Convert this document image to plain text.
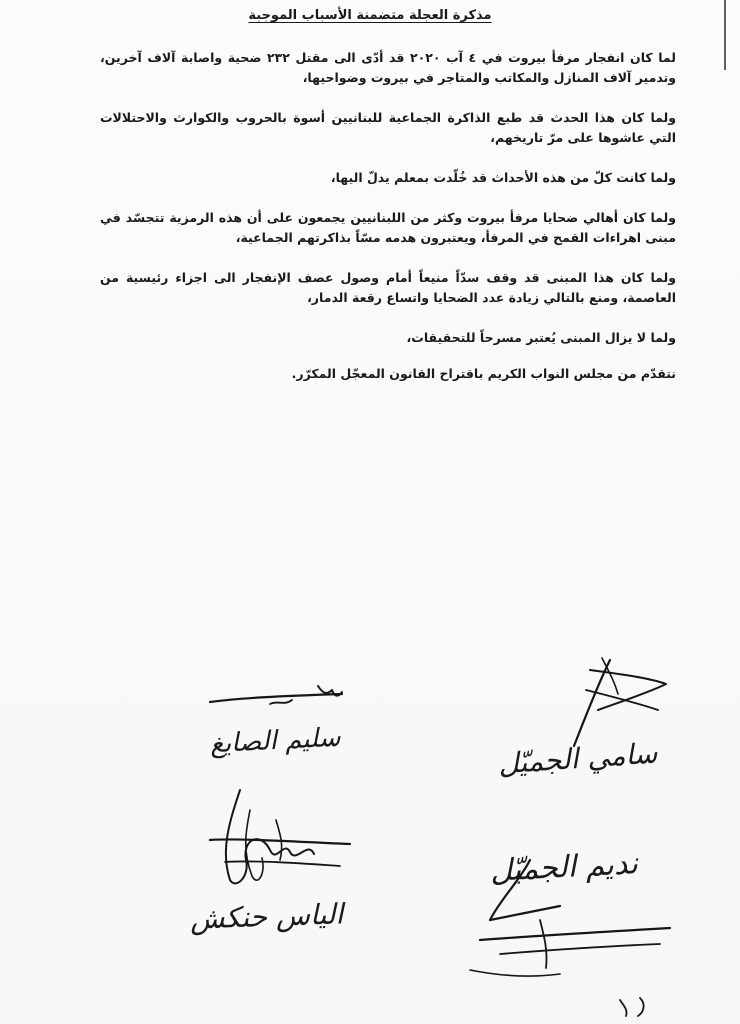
مذكرة العجلة متضمنة الأسباب الموجبة

لما كان انفجار مرفأ بيروت في ٤ آب ٢٠٢٠ قد أدّى الى مقتل ٢٣٢ ضحية واصابة آلاف آخرين، وتدمير آلاف المنازل والمكاتب والمتاجر في بيروت وضواحيها،

ولما كان هذا الحدث قد طبع الذاكرة الجماعية للبنانيين أسوة بالحروب والكوارث والاحتلالات التي عاشوها على مرّ تاريخهم،

ولما كانت كلّ من هذه الأحداث قد خُلّدت بمعلم يدلّ اليها،

ولما كان أهالي ضحايا مرفأ بيروت وكثر من اللبنانيين يجمعون على أن هذه الرمزية تتجسّد في مبنى اهراءات القمح في المرفأ، ويعتبرون هدمه مسّاً بذاكرتهم الجماعية،

ولما كان هذا المبنى قد وقف سدّاً منيعاً أمام وصول عصف الإنفجار الى اجزاء رئيسية من العاصمة، ومنع بالتالي زيادة عدد الضحايا واتساع رقعة الدمار،

ولما لا يزال المبنى يُعتبر مسرحاً للتحقيقات،

نتقدّم من مجلس النواب الكريم باقتراح القانون المعجّل المكرّر.

سليم الصايغ
الياس حنكش
سامي الجميّل
نديم الجميّل
